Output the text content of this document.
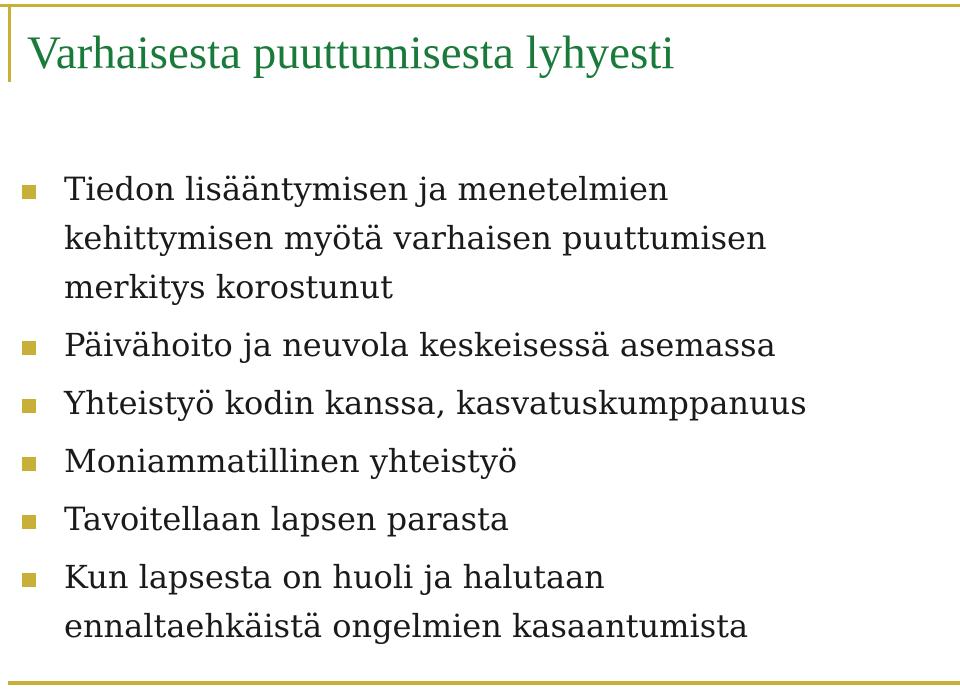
Varhaisesta puuttumisesta lyhyesti
Tiedon lisääntymisen ja menetelmien
kehittymisen myötä varhaisen puuttumisen
merkitys korostunut
Päivähoito ja neuvola keskeisessä asemassa
Yhteistyö kodin kanssa, kasvatuskumppanuus
Moniammatillinen yhteistyö
Tavoitellaan lapsen parasta
Kun lapsesta on huoli ja halutaan
ennaltaehkäistä ongelmien kasaantumista
